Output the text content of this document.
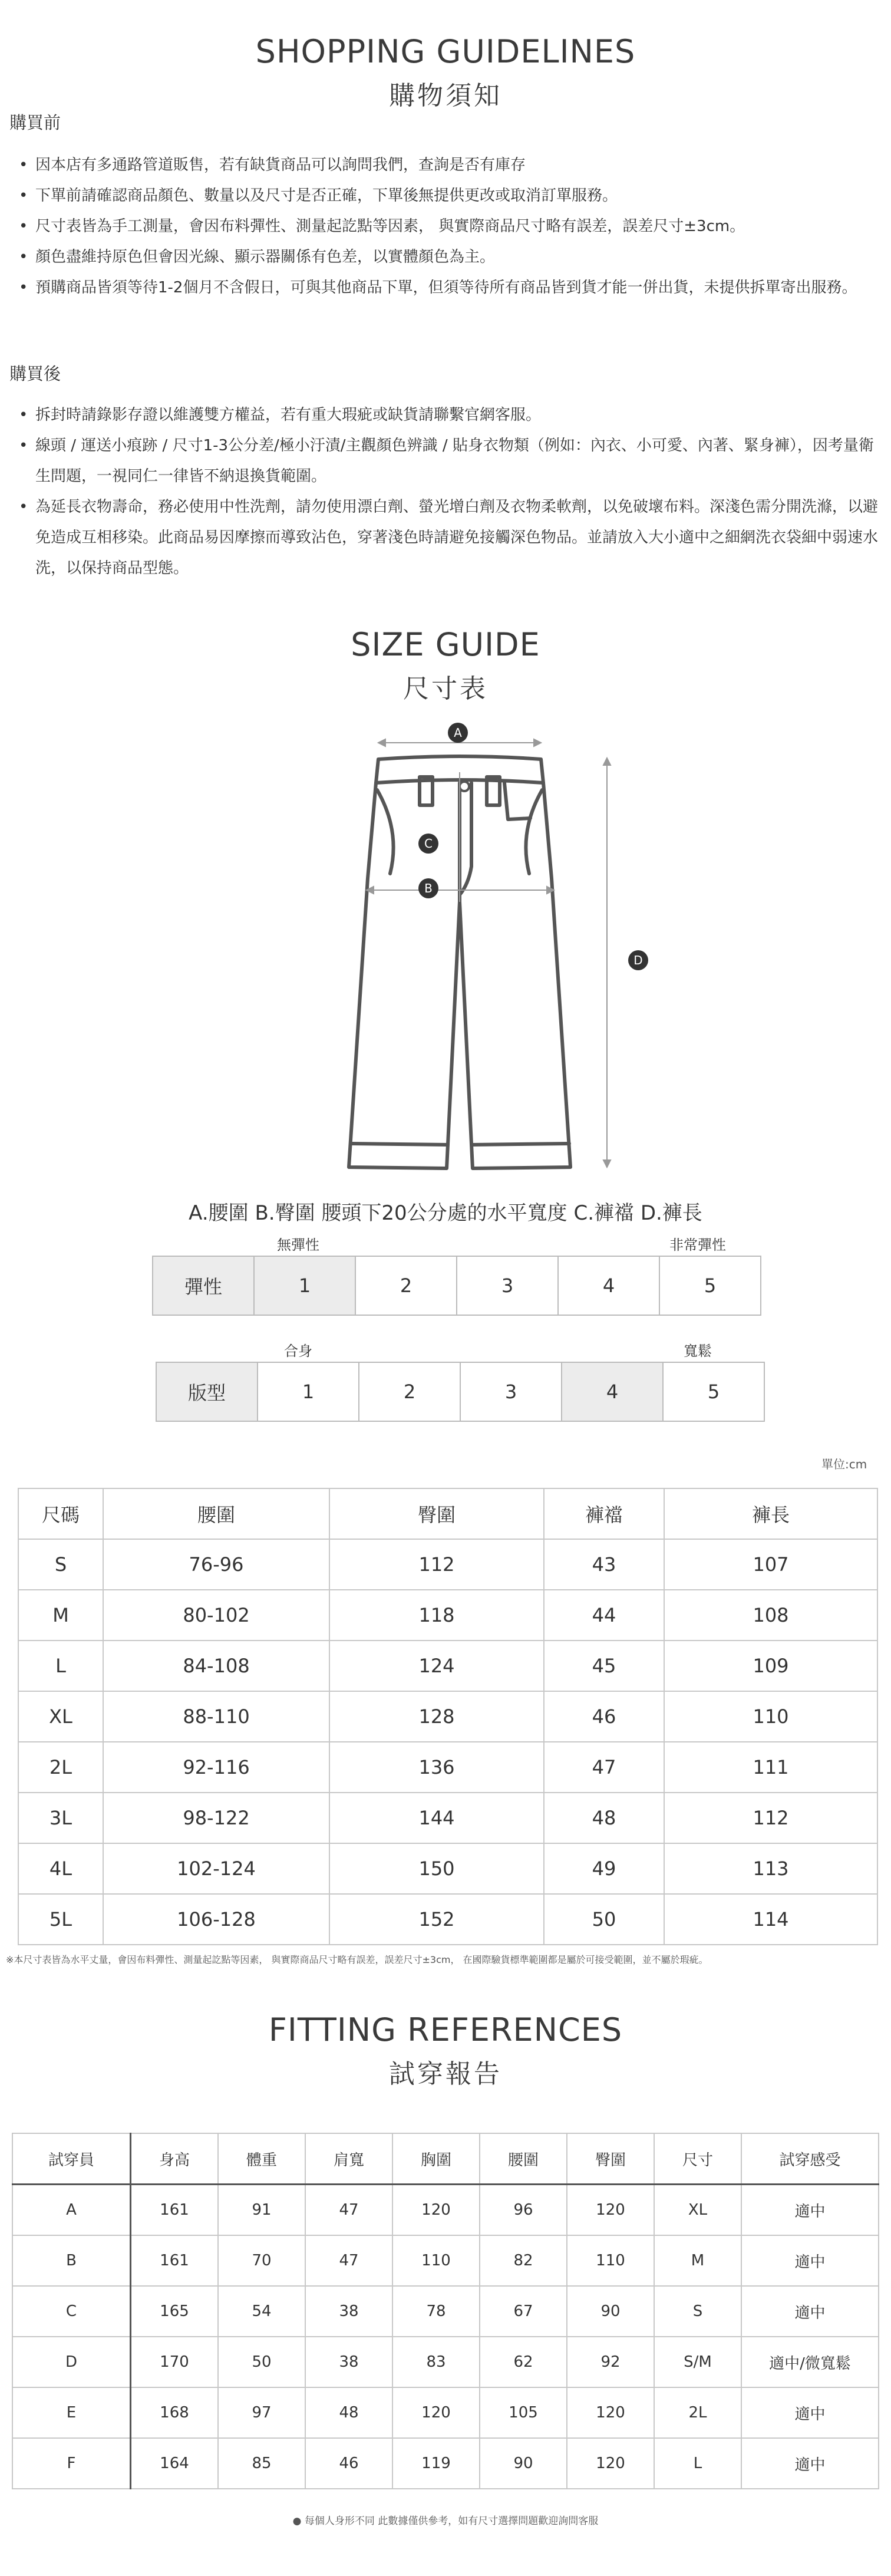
SHOPPING GUIDELINES
購物須知
購買前
• 因本店有多通路管道販售，若有缺貨商品可以詢問我們，查詢是否有庫存
• 下單前請確認商品顏色、數量以及尺寸是否正確，下單後無提供更改或取消訂單服務。
• 尺寸表皆為手工測量，會因布料彈性、測量起訖點等因素， 與實際商品尺寸略有誤差，誤差尺寸±3cm。
• 顏色盡維持原色但會因光線、顯示器關係有色差，以實體顏色為主。
• 預購商品皆須等待1-2個月不含假日，可與其他商品下單，但須等待所有商品皆到貨才能一併出貨，未提供拆單寄出服務。
購買後
• 拆封時請錄影存證以維護雙方權益，若有重大瑕疵或缺貨請聯繫官網客服。
• 線頭 / 運送小痕跡 / 尺寸1-3公分差/極小汙漬/主觀顏色辨識 / 貼身衣物類（例如：內衣、小可愛、內著、緊身褲），因考量衛生問題，一視同仁一律皆不納退換貨範圍。
• 為延長衣物壽命，務必使用中性洗劑，請勿使用漂白劑、螢光增白劑及衣物柔軟劑，以免破壞布料。深淺色需分開洗滌，以避免造成互相移染。此商品易因摩擦而導致沾色，穿著淺色時請避免接觸深色物品。並請放入大小適中之細網洗衣袋細中弱速水洗，以保持商品型態。
SIZE GUIDE
尺寸表
A
B
C
D
A.腰圍 B.臀圍 腰頭下20公分處的水平寬度 C.褲襠 D.褲長
無彈性	非常彈性
彈性	1	2	3	4	5
合身	寬鬆
版型	1	2	3	4	5
單位:cm
尺碼	腰圍	臀圍	褲襠	褲長
S	76-96	112	43	107
M	80-102	118	44	108
L	84-108	124	45	109
XL	88-110	128	46	110
2L	92-116	136	47	111
3L	98-122	144	48	112
4L	102-124	150	49	113
5L	106-128	152	50	114
※本尺寸表皆為水平丈量，會因布料彈性、測量起訖點等因素， 與實際商品尺寸略有誤差，誤差尺寸±3cm， 在國際驗貨標準範圍都是屬於可接受範圍，並不屬於瑕疵。
FITTING REFERENCES
試穿報告
試穿員	身高	體重	肩寬	胸圍	腰圍	臀圍	尺寸	試穿感受
A	161	91	47	120	96	120	XL	適中
B	161	70	47	110	82	110	M	適中
C	165	54	38	78	67	90	S	適中
D	170	50	38	83	62	92	S/M	適中/微寬鬆
E	168	97	48	120	105	120	2L	適中
F	164	85	46	119	90	120	L	適中
● 每個人身形不同 此數據僅供參考，如有尺寸選擇問題歡迎詢問客服
